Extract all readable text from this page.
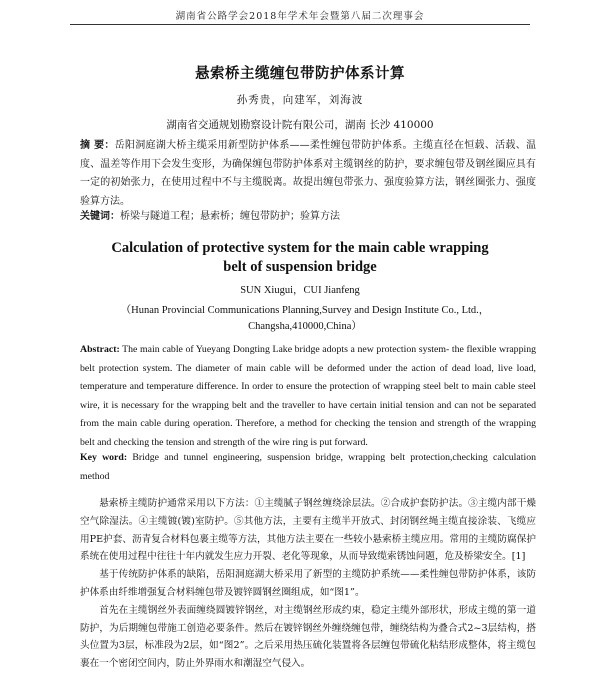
湖南省公路学会2018年学术年会暨第八届二次理事会
悬索桥主缆缠包带防护体系计算
孙秀贵，向建军，刘海波
湖南省交通规划勘察设计院有限公司，湖南 长沙 410000
摘 要：岳阳洞庭湖大桥主缆采用新型防护体系——柔性缠包带防护体系。主缆直径在恒载、活载、温度、温差等作用下会发生变形，为确保缠包带防护体系对主缆钢丝的防护，要求缠包带及钢丝圈应具有一定的初始张力，在使用过程中不与主缆脱离。故提出缠包带张力、强度验算方法，钢丝圈张力、强度验算方法。
关键词：桥梁与隧道工程；悬索桥；缠包带防护；验算方法
Calculation of protective system for the main cable wrapping belt of suspension bridge
SUN Xiugui，CUI Jianfeng
（Hunan Provincial Communications Planning,Survey and Design Institute Co., Ltd.，Changsha,410000,China）
Abstract: The main cable of Yueyang Dongting Lake bridge adopts a new protection system- the flexible wrapping belt protection system. The diameter of main cable will be deformed under the action of dead load, live load, temperature and temperature difference. In order to ensure the protection of wrapping steel belt to main cable steel wire, it is necessary for the wrapping belt and the traveller to have certain initial tension and can not be separated from the main cable during operation. Therefore, a method for checking the tension and strength of the wrapping belt and checking the tension and strength of the wire ring is put forward.
Key word: Bridge and tunnel engineering, suspension bridge, wrapping belt protection,checking calculation method

悬索桥主缆防护通常采用以下方法：①主缆腻子钢丝缠绕涂层法。②合成护套防护法。③主缆内部干燥空气除湿法。④主缆镀(镀)室防护。⑤其他方法，主要有主缆半开放式、封闭钢丝绳主缆直接涂装、飞缆应用PE护套、沥青复合材料包裹主缆等方法，其他方法主要在一些较小悬索桥主缆应用。常用的主缆防腐保护系统在使用过程中往往十年内就发生应力开裂、老化等现象，从而导致缆索锈蚀问题，危及桥梁安全。[1]

基于传统防护体系的缺陷，岳阳洞庭湖大桥采用了新型的主缆防护系统——柔性缠包带防护体系，该防护体系由纤维增强复合材料缠包带及镀锌圆钢丝圈组成，如“图1”。

首先在主缆钢丝外表面缠绕圆镀锌钢丝，对主缆钢丝形成约束，稳定主缆外部形状，形成主缆的第一道防护，为后期缠包带施工创造必要条件。然后在镀锌钢丝外缠绕缠包带，缠绕结构为叠合式2~3层结构，搭头位置为3层，标准段为2层，如“图2”。之后采用热压硫化装置将各层缠包带硫化粘结形成整体，将主缆包裹在一个密闭空间内，防止外界雨水和潮湿空气侵入。
